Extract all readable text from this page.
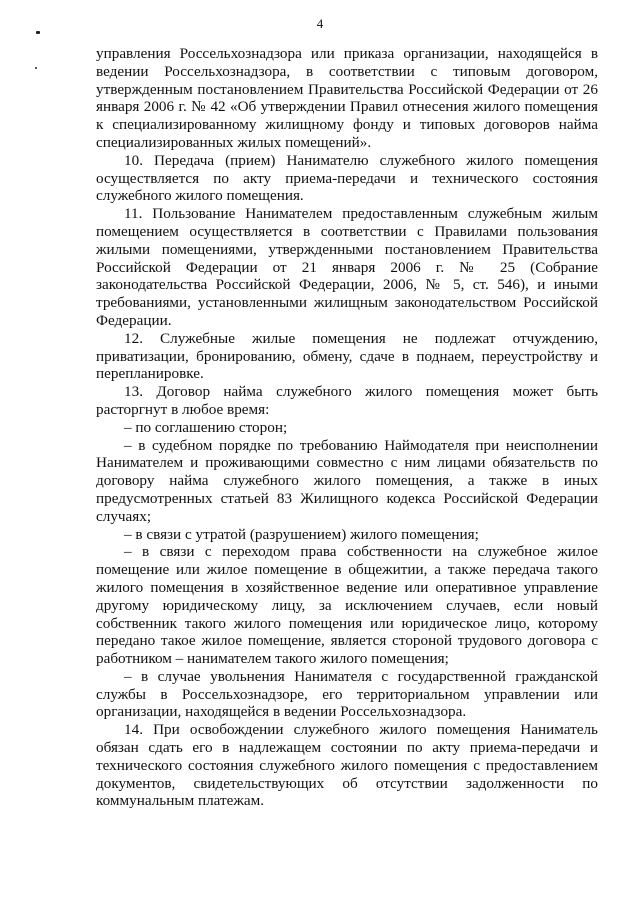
4

управления Россельхознадзора или приказа организации, находящейся в ведении Россельхознадзора, в соответствии с типовым договором, утвержденным постановлением Правительства Российской Федерации от 26 января 2006 г. № 42 «Об утверждении Правил отнесения жилого помещения к специализированному жилищному фонду и типовых договоров найма специализированных жилых помещений».

10. Передача (прием) Нанимателю служебного жилого помещения осуществляется по акту приема-передачи и технического состояния служебного жилого помещения.

11. Пользование Нанимателем предоставленным служебным жилым помещением осуществляется в соответствии с Правилами пользования жилыми помещениями, утвержденными постановлением Правительства Российской Федерации от 21 января 2006 г. № 25 (Собрание законодательства Российской Федерации, 2006, № 5, ст. 546), и иными требованиями, установленными жилищным законодательством Российской Федерации.

12. Служебные жилые помещения не подлежат отчуждению, приватизации, бронированию, обмену, сдаче в поднаем, переустройству и перепланировке.

13. Договор найма служебного жилого помещения может быть расторгнут в любое время:

– по соглашению сторон;

– в судебном порядке по требованию Наймодателя при неисполнении Нанимателем и проживающими совместно с ним лицами обязательств по договору найма служебного жилого помещения, а также в иных предусмотренных статьей 83 Жилищного кодекса Российской Федерации случаях;

– в связи с утратой (разрушением) жилого помещения;

– в связи с переходом права собственности на служебное жилое помещение или жилое помещение в общежитии, а также передача такого жилого помещения в хозяйственное ведение или оперативное управление другому юридическому лицу, за исключением случаев, если новый собственник такого жилого помещения или юридическое лицо, которому передано такое жилое помещение, является стороной трудового договора с работником – нанимателем такого жилого помещения;

– в случае увольнения Нанимателя с государственной гражданской службы в Россельхознадзоре, его территориальном управлении или организации, находящейся в ведении Россельхознадзора.

14. При освобождении служебного жилого помещения Наниматель обязан сдать его в надлежащем состоянии по акту приема-передачи и технического состояния служебного жилого помещения с предоставлением документов, свидетельствующих об отсутствии задолженности по коммунальным платежам.
